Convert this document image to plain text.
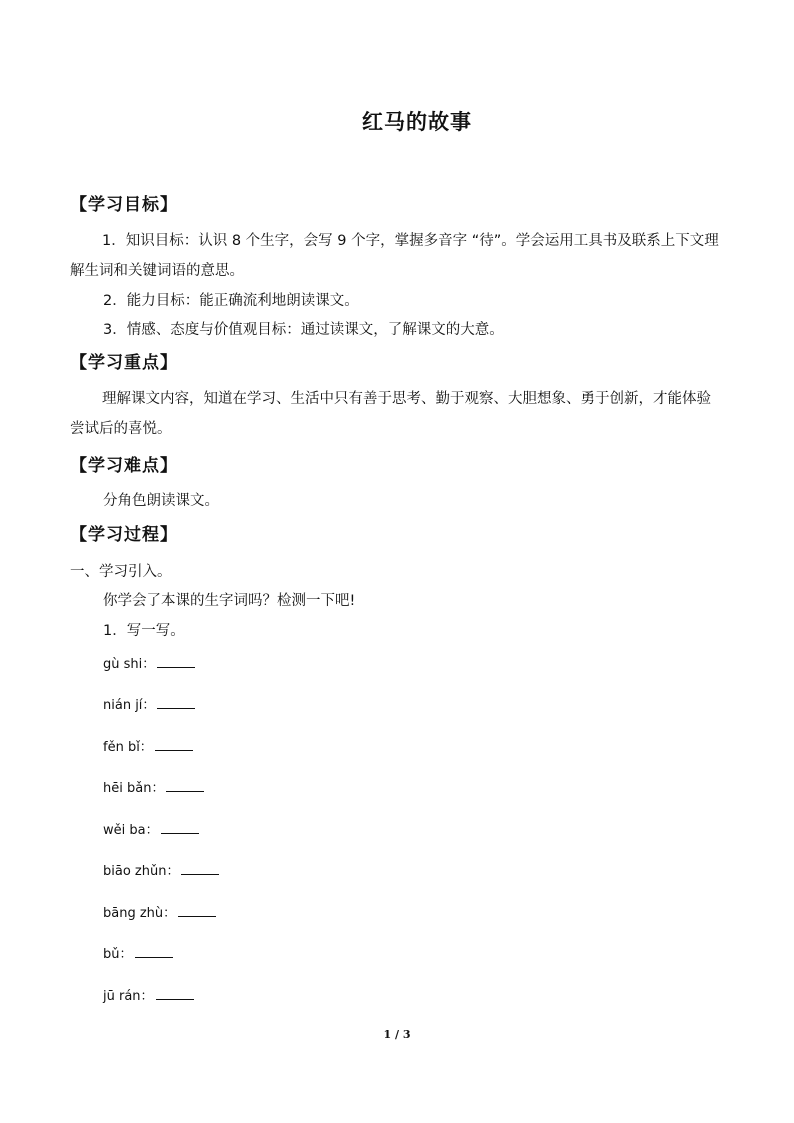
红马的故事
【学习目标】
1．知识目标：认识 8 个生字，会写 9 个字，掌握多音字 “待”。学会运用工具书及联系上下文理解生词和关键词语的意思。
2．能力目标：能正确流利地朗读课文。
3．情感、态度与价值观目标：通过读课文，了解课文的大意。
【学习重点】
理解课文内容，知道在学习、生活中只有善于思考、勤于观察、大胆想象、勇于创新，才能体验尝试后的喜悦。
【学习难点】
分角色朗读课文。
【学习过程】
一、学习引入。
你学会了本课的生字词吗？检测一下吧!
1．写一写。
gù shi：
nián jí：
fěn bǐ：
hēi bǎn：
wěi ba：
biāo zhǔn：
bāng zhù：
bǔ：
jū rán：
1 / 3
